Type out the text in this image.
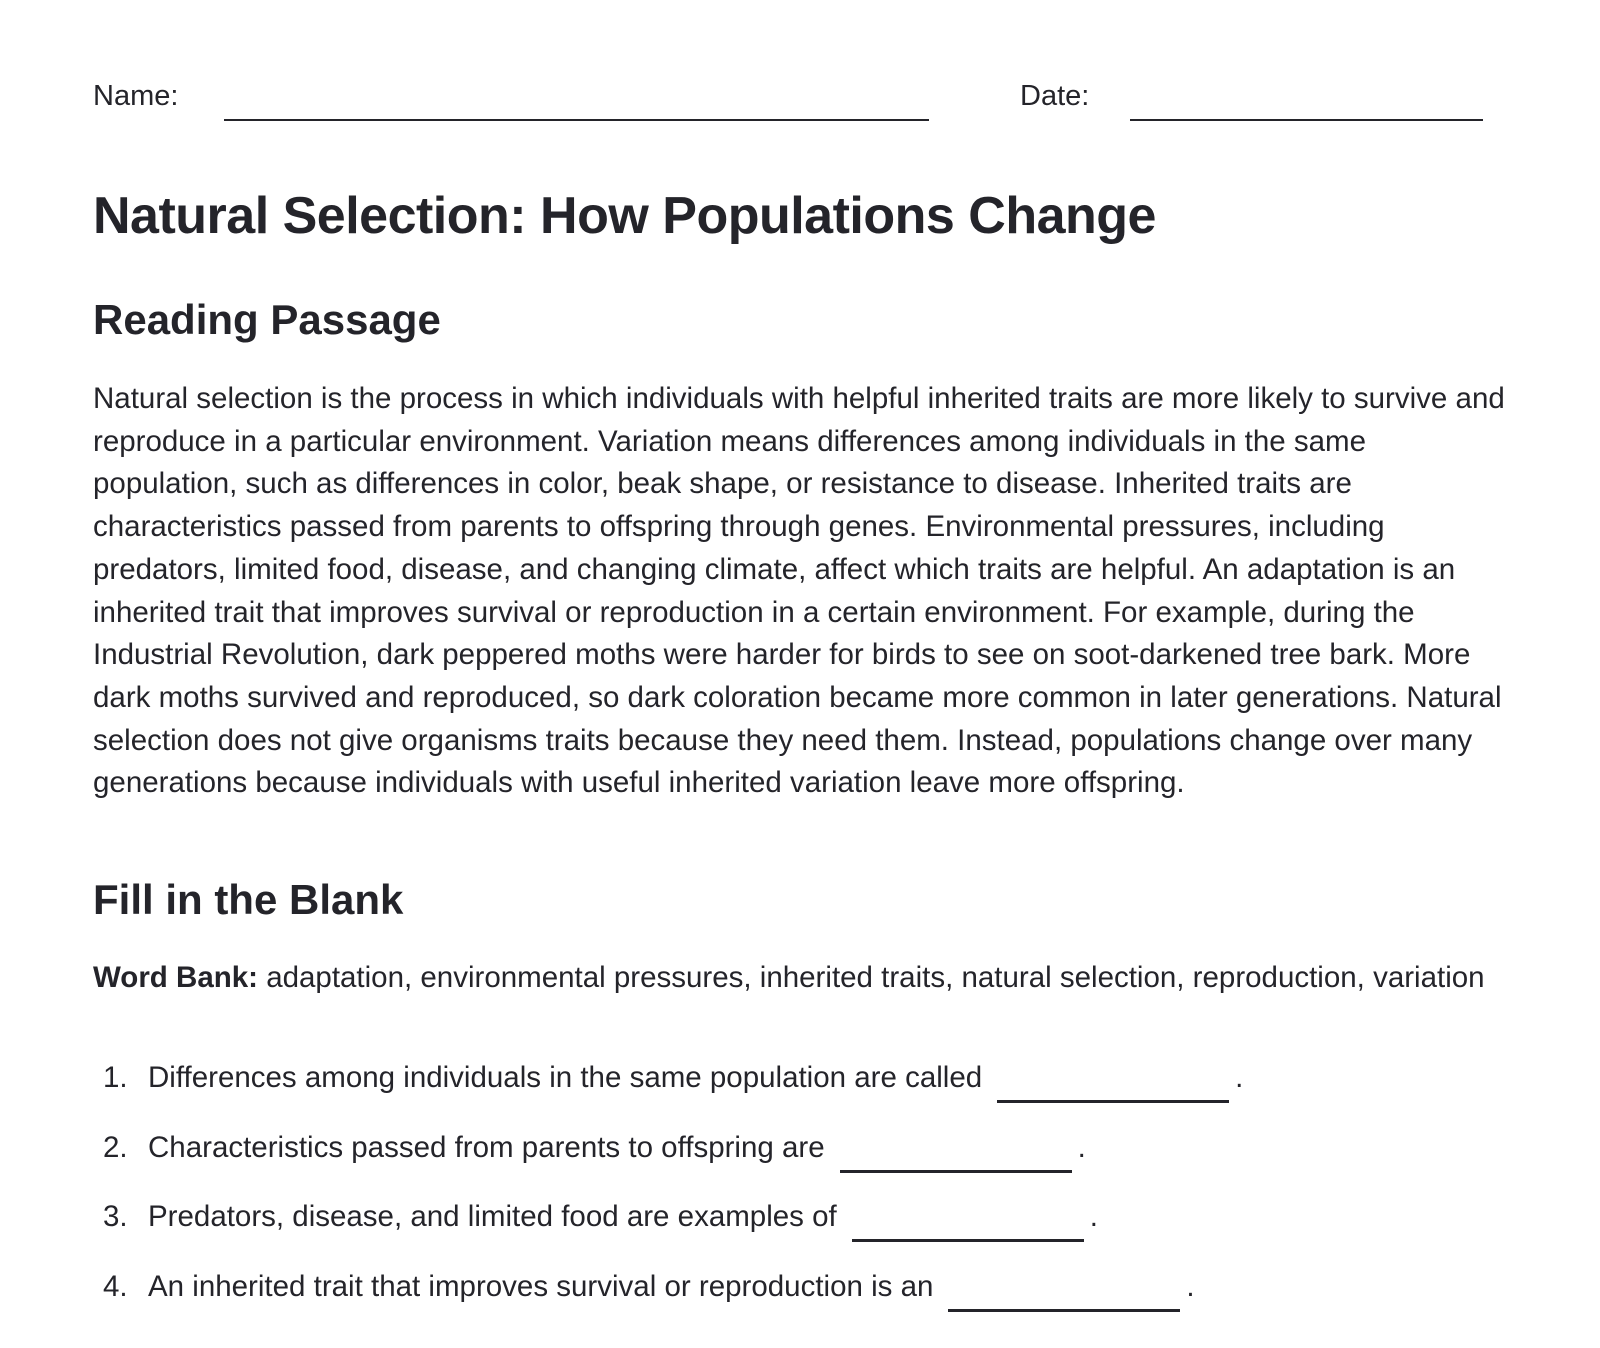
Name:	Date:
Natural Selection: How Populations Change
Reading Passage

Natural selection is the process in which individuals with helpful inherited traits are more likely to survive and reproduce in a particular environment. Variation means differences among individuals in the same population, such as differences in color, beak shape, or resistance to disease. Inherited traits are characteristics passed from parents to offspring through genes. Environmental pressures, including predators, limited food, disease, and changing climate, affect which traits are helpful. An adaptation is an inherited trait that improves survival or reproduction in a certain environment. For example, during the Industrial Revolution, dark peppered moths were harder for birds to see on soot-darkened tree bark. More dark moths survived and reproduced, so dark coloration became more common in later generations. Natural selection does not give organisms traits because they need them. Instead, populations change over many generations because individuals with useful inherited variation leave more offspring.

Fill in the Blank

Word Bank: adaptation, environmental pressures, inherited traits, natural selection, reproduction, variation

1. Differences among individuals in the same population are called	.
2. Characteristics passed from parents to offspring are	.
3. Predators, disease, and limited food are examples of	.
4. An inherited trait that improves survival or reproduction is an	.
